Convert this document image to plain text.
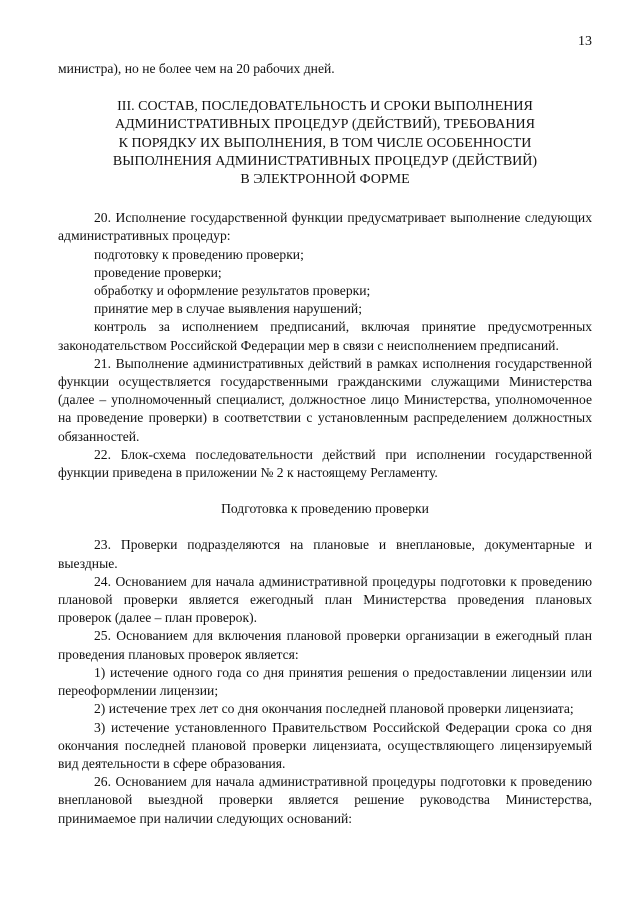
13

министра), но не более чем на 20 рабочих дней.

III. СОСТАВ, ПОСЛЕДОВАТЕЛЬНОСТЬ И СРОКИ ВЫПОЛНЕНИЯ
АДМИНИСТРАТИВНЫХ ПРОЦЕДУР (ДЕЙСТВИЙ), ТРЕБОВАНИЯ
К ПОРЯДКУ ИХ ВЫПОЛНЕНИЯ, В ТОМ ЧИСЛЕ ОСОБЕННОСТИ
ВЫПОЛНЕНИЯ АДМИНИСТРАТИВНЫХ ПРОЦЕДУР (ДЕЙСТВИЙ)
В ЭЛЕКТРОННОЙ ФОРМЕ

20. Исполнение государственной функции предусматривает выполнение следующих административных процедур:

подготовку к проведению проверки;

проведение проверки;

обработку и оформление результатов проверки;

принятие мер в случае выявления нарушений;

контроль за исполнением предписаний, включая принятие предусмотренных законодательством Российской Федерации мер в связи с неисполнением предписаний.

21. Выполнение административных действий в рамках исполнения государственной функции осуществляется государственными гражданскими служащими Министерства (далее – уполномоченный специалист, должностное лицо Министерства, уполномоченное на проведение проверки) в соответствии с установленным распределением должностных обязанностей.

22. Блок-схема последовательности действий при исполнении государственной функции приведена в приложении № 2 к настоящему Регламенту.

Подготовка к проведению проверки

23. Проверки подразделяются на плановые и внеплановые, документарные и выездные.

24. Основанием для начала административной процедуры подготовки к проведению плановой проверки является ежегодный план Министерства проведения плановых проверок (далее – план проверок).

25. Основанием для включения плановой проверки организации в ежегодный план проведения плановых проверок является:

1) истечение одного года со дня принятия решения о предоставлении лицензии или переоформлении лицензии;

2) истечение трех лет со дня окончания последней плановой проверки лицензиата;

3) истечение установленного Правительством Российской Федерации срока со дня окончания последней плановой проверки лицензиата, осуществляющего лицензируемый вид деятельности в сфере образования.

26. Основанием для начала административной процедуры подготовки к проведению внеплановой выездной проверки является решение руководства Министерства, принимаемое при наличии следующих оснований:
